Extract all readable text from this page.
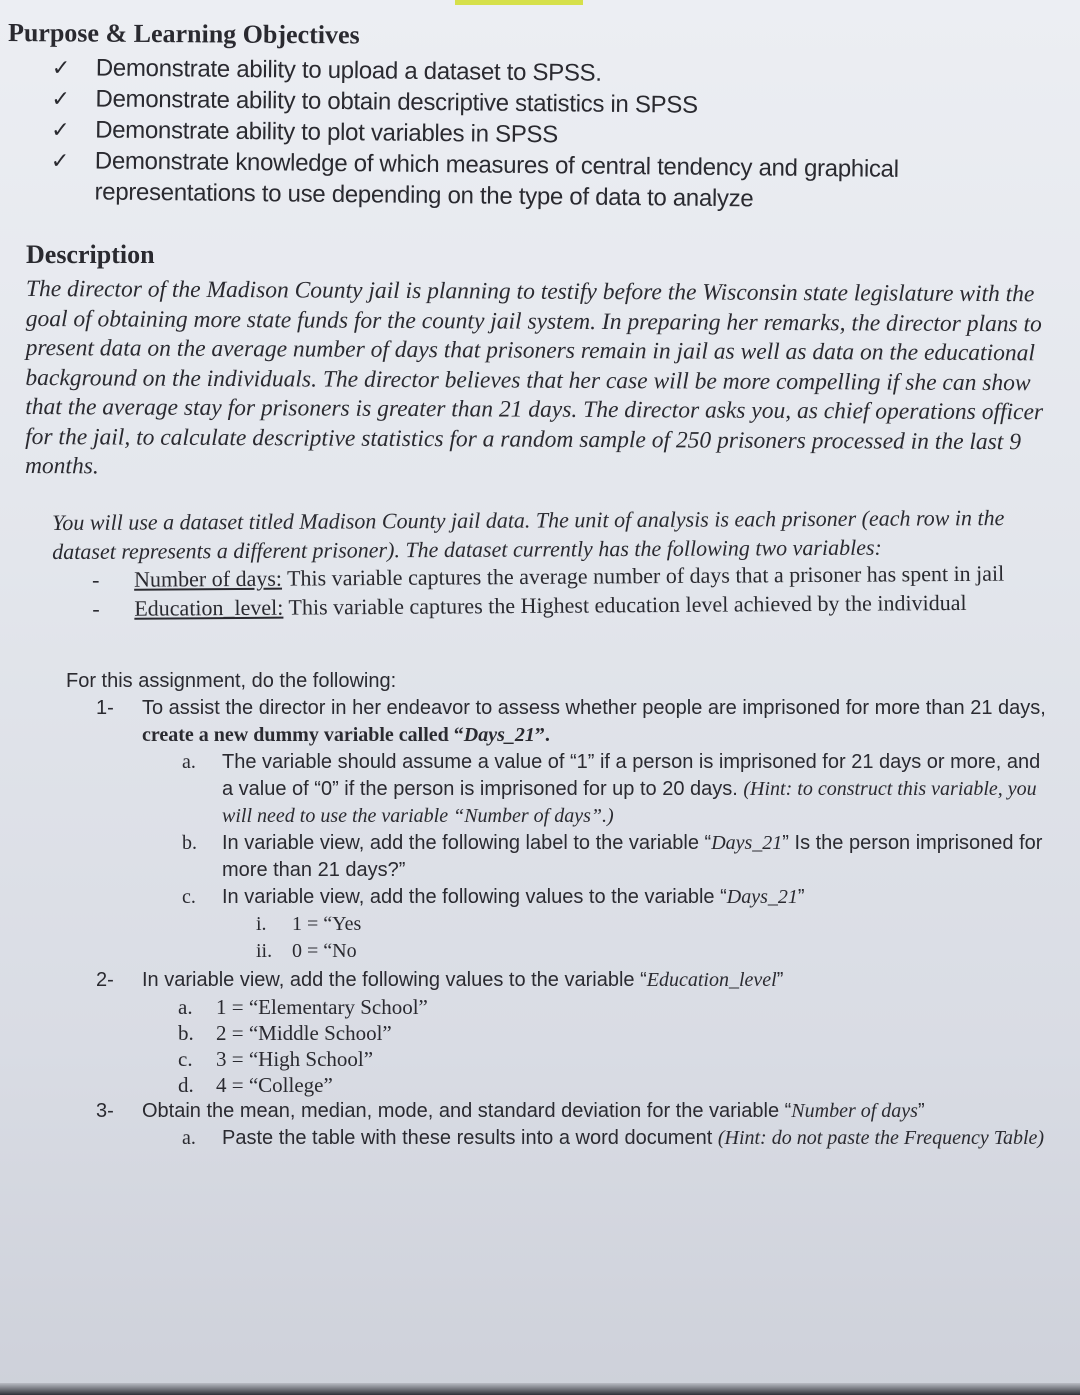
Purpose & Learning Objectives
✓	Demonstrate ability to upload a dataset to SPSS.
✓	Demonstrate ability to obtain descriptive statistics in SPSS
✓	Demonstrate ability to plot variables in SPSS
✓	Demonstrate knowledge of which measures of central tendency and graphical representations to use depending on the type of data to analyze
Description

The director of the Madison County jail is planning to testify before the Wisconsin state legislature with the goal of obtaining more state funds for the county jail system. In preparing her remarks, the director plans to present data on the average number of days that prisoners remain in jail as well as data on the educational background on the individuals. The director believes that her case will be more compelling if she can show that the average stay for prisoners is greater than 21 days. The director asks you, as chief operations officer for the jail, to calculate descriptive statistics for a random sample of 250 prisoners processed in the last 9 months.

You will use a dataset titled Madison County jail data. The unit of analysis is each prisoner (each row in the dataset represents a different prisoner). The dataset currently has the following two variables:

-	Number of days: This variable captures the average number of days that a prisoner has spent in jail
-	Education_level: This variable captures the Highest education level achieved by the individual

For this assignment, do the following:

1-	To assist the director in her endeavor to assess whether people are imprisoned for more than 21 days, create a new dummy variable called “Days_21”.
a.	The variable should assume a value of “1” if a person is imprisoned for 21 days or more, and a value of “0” if the person is imprisoned for up to 20 days. (Hint: to construct this variable, you will need to use the variable “Number of days”.)
b.	In variable view, add the following label to the variable “Days_21” Is the person imprisoned for more than 21 days?”
c.	In variable view, add the following values to the variable “Days_21”
i.	1 = “Yes
ii. 0 = “No
2-	In variable view, add the following values to the variable “Education_level”
a.	1 = “Elementary School”
b.	2 = “Middle School”
c.	3 = “High School”
d.	4 = “College”
3-	Obtain the mean, median, mode, and standard deviation for the variable “Number of days”
a.	Paste the table with these results into a word document (Hint: do not paste the Frequency Table)
